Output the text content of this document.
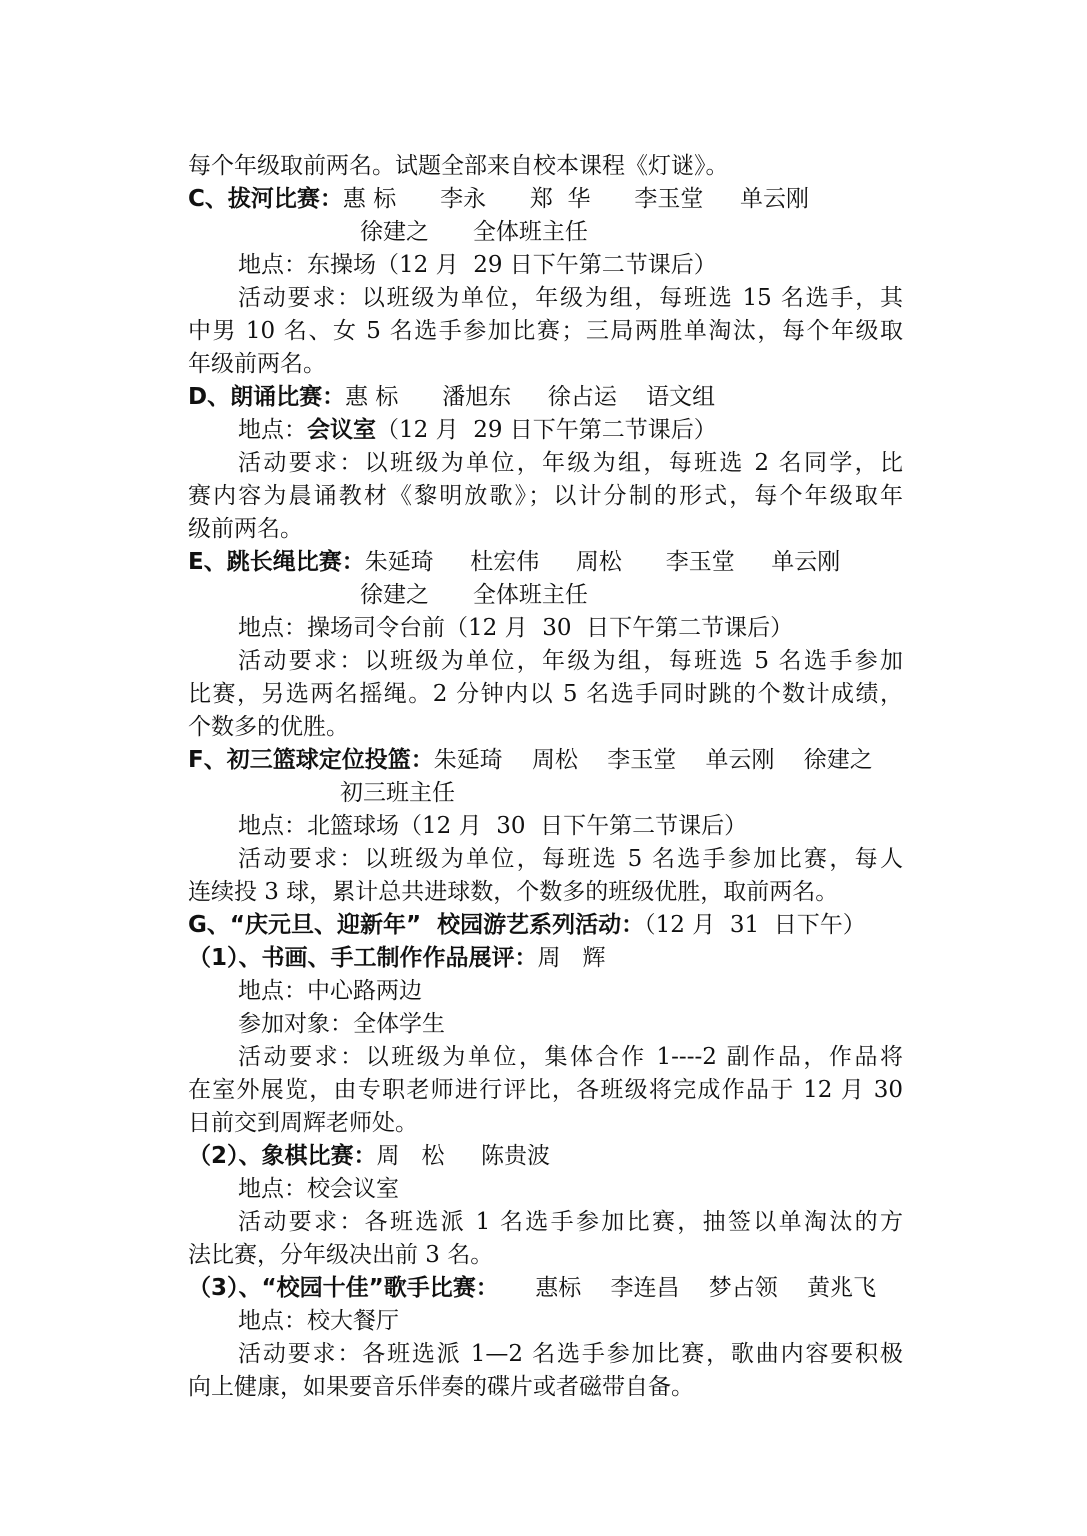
每个年级取前两名。试题全部来自校本课程《灯谜》。
C、拔河比赛：惠 标      李永      郑  华      李玉堂     单云刚
徐建之      全体班主任
地点：东操场（12 月  29 日下午第二节课后）
活动要求：以班级为单位，年级为组，每班选 15 名选手，其
中男 10 名、女 5 名选手参加比赛；三局两胜单淘汰，每个年级取
年级前两名。
D、朗诵比赛：惠 标      潘旭东     徐占运    语文组
地点：会议室（12 月  29 日下午第二节课后）
活动要求：以班级为单位，年级为组，每班选 2 名同学，比
赛内容为晨诵教材《黎明放歌》；以计分制的形式，每个年级取年
级前两名。
E、跳长绳比赛：朱延琦     杜宏伟     周松      李玉堂     单云刚
徐建之      全体班主任
地点：操场司令台前（12 月  30  日下午第二节课后）
活动要求：以班级为单位，年级为组，每班选 5 名选手参加
比赛，另选两名摇绳。2 分钟内以 5 名选手同时跳的个数计成绩，
个数多的优胜。
F、初三篮球定位投篮：朱延琦    周松    李玉堂    单云刚    徐建之
初三班主任
地点：北篮球场（12 月  30  日下午第二节课后）
活动要求：以班级为单位，每班选 5 名选手参加比赛，每人
连续投 3 球，累计总共进球数，个数多的班级优胜，取前两名。
G、“庆元旦、迎新年”  校园游艺系列活动：（12 月  31  日下午）
（1）、书画、手工制作作品展评：周   辉
地点：中心路两边
参加对象：全体学生
活动要求：以班级为单位，集体合作 1----2 副作品，作品将
在室外展览，由专职老师进行评比，各班级将完成作品于 12 月 30
日前交到周辉老师处。
（2）、象棋比赛：周   松     陈贵波
地点：校会议室
活动要求：各班选派 1 名选手参加比赛，抽签以单淘汰的方
法比赛，分年级决出前 3 名。
（3）、“校园十佳”歌手比赛：     惠标    李连昌    梦占领    黄兆飞
地点：校大餐厅
活动要求：各班选派 1—2 名选手参加比赛，歌曲内容要积极
向上健康，如果要音乐伴奏的碟片或者磁带自备。
